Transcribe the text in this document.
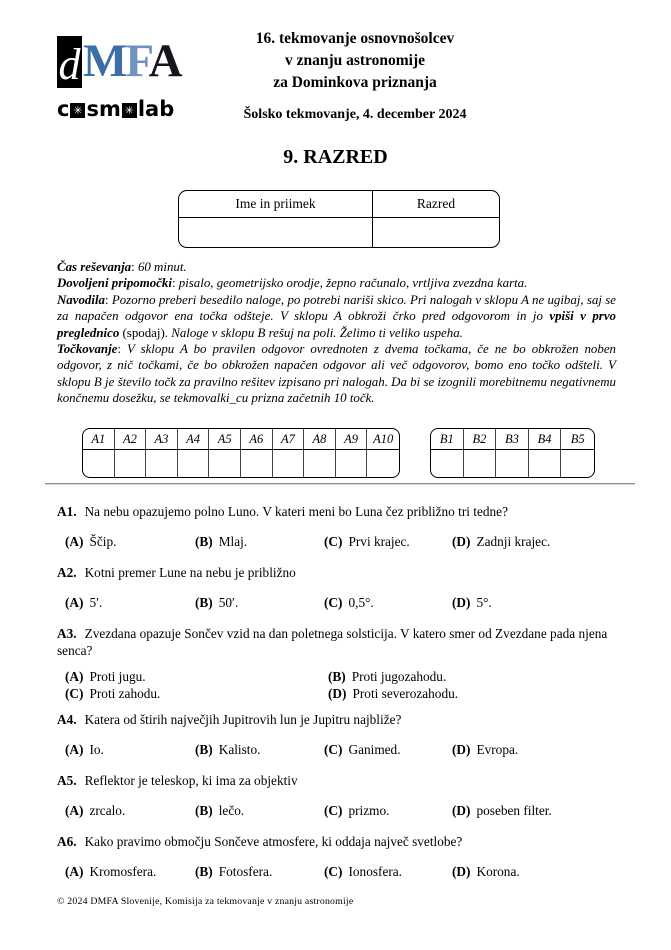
d MFA
c ✳ sm ✳ lab
16. tekmovanje osnovnošolcev
v znanju astronomije
za Dominkova priznanja
Šolsko tekmovanje, 4. december 2024
9. RAZRED
Ime in priimek	Razred

Čas reševanja: 60 minut.

Dovoljeni pripomočki: pisalo, geometrijsko orodje, žepno računalo, vrtljiva zvezdna karta.

Navodila: Pozorno preberi besedilo naloge, po potrebi nariši skico. Pri nalogah v sklopu A ne ugibaj, saj se za napačen odgovor ena točka odšteje. V sklopu A obkroži črko pred odgovorom in jo vpiši v prvo preglednico (spodaj). Naloge v sklopu B rešuj na poli. Želimo ti veliko uspeha.

Točkovanje: V sklopu A bo pravilen odgovor ovrednoten z dvema točkama, če ne bo obkrožen noben odgovor, z nič točkami, če bo obkrožen napačen odgovor ali več odgovorov, bomo eno točko odšteli. V sklopu B je število točk za pravilno rešitev izpisano pri nalogah. Da bi se izognili morebitnemu negativnemu končnemu dosežku, se tekmovalki_cu prizna začetnih 10 točk.

A1	A2	A3	A4	A5	A6	A7	A8	A9	A10	B1	B2	B3	B4	B5

A1. Na nebu opazujemo polno Luno. V kateri meni bo Luna čez približno tri tedne?

(A) Ščip.	(B) Mlaj.	(C) Prvi krajec.	(D) Zadnji krajec.

A2. Kotni premer Lune na nebu je približno

(A) 5′.	(B) 50′.	(C) 0,5°.	(D) 5°.

A3. Zvezdana opazuje Sončev vzid na dan poletnega solsticija. V katero smer od Zvezdane pada njena senca?

(A) Proti jugu.	(B) Proti jugozahodu.
(C) Proti zahodu.	(D) Proti severozahodu.

A4. Katera od štirih največjih Jupitrovih lun je Jupitru najbliže?

(A) Io.	(B) Kalisto.	(C) Ganimed.	(D) Evropa.

A5. Reflektor je teleskop, ki ima za objektiv

(A) zrcalo.	(B) lečo.	(C) prizmo.	(D) poseben filter.

A6. Kako pravimo območju Sončeve atmosfere, ki oddaja največ svetlobe?

(A) Kromosfera.	(B) Fotosfera.	(C) Ionosfera.	(D) Korona.
© 2024 DMFA Slovenije, Komisija za tekmovanje v znanju astronomije
